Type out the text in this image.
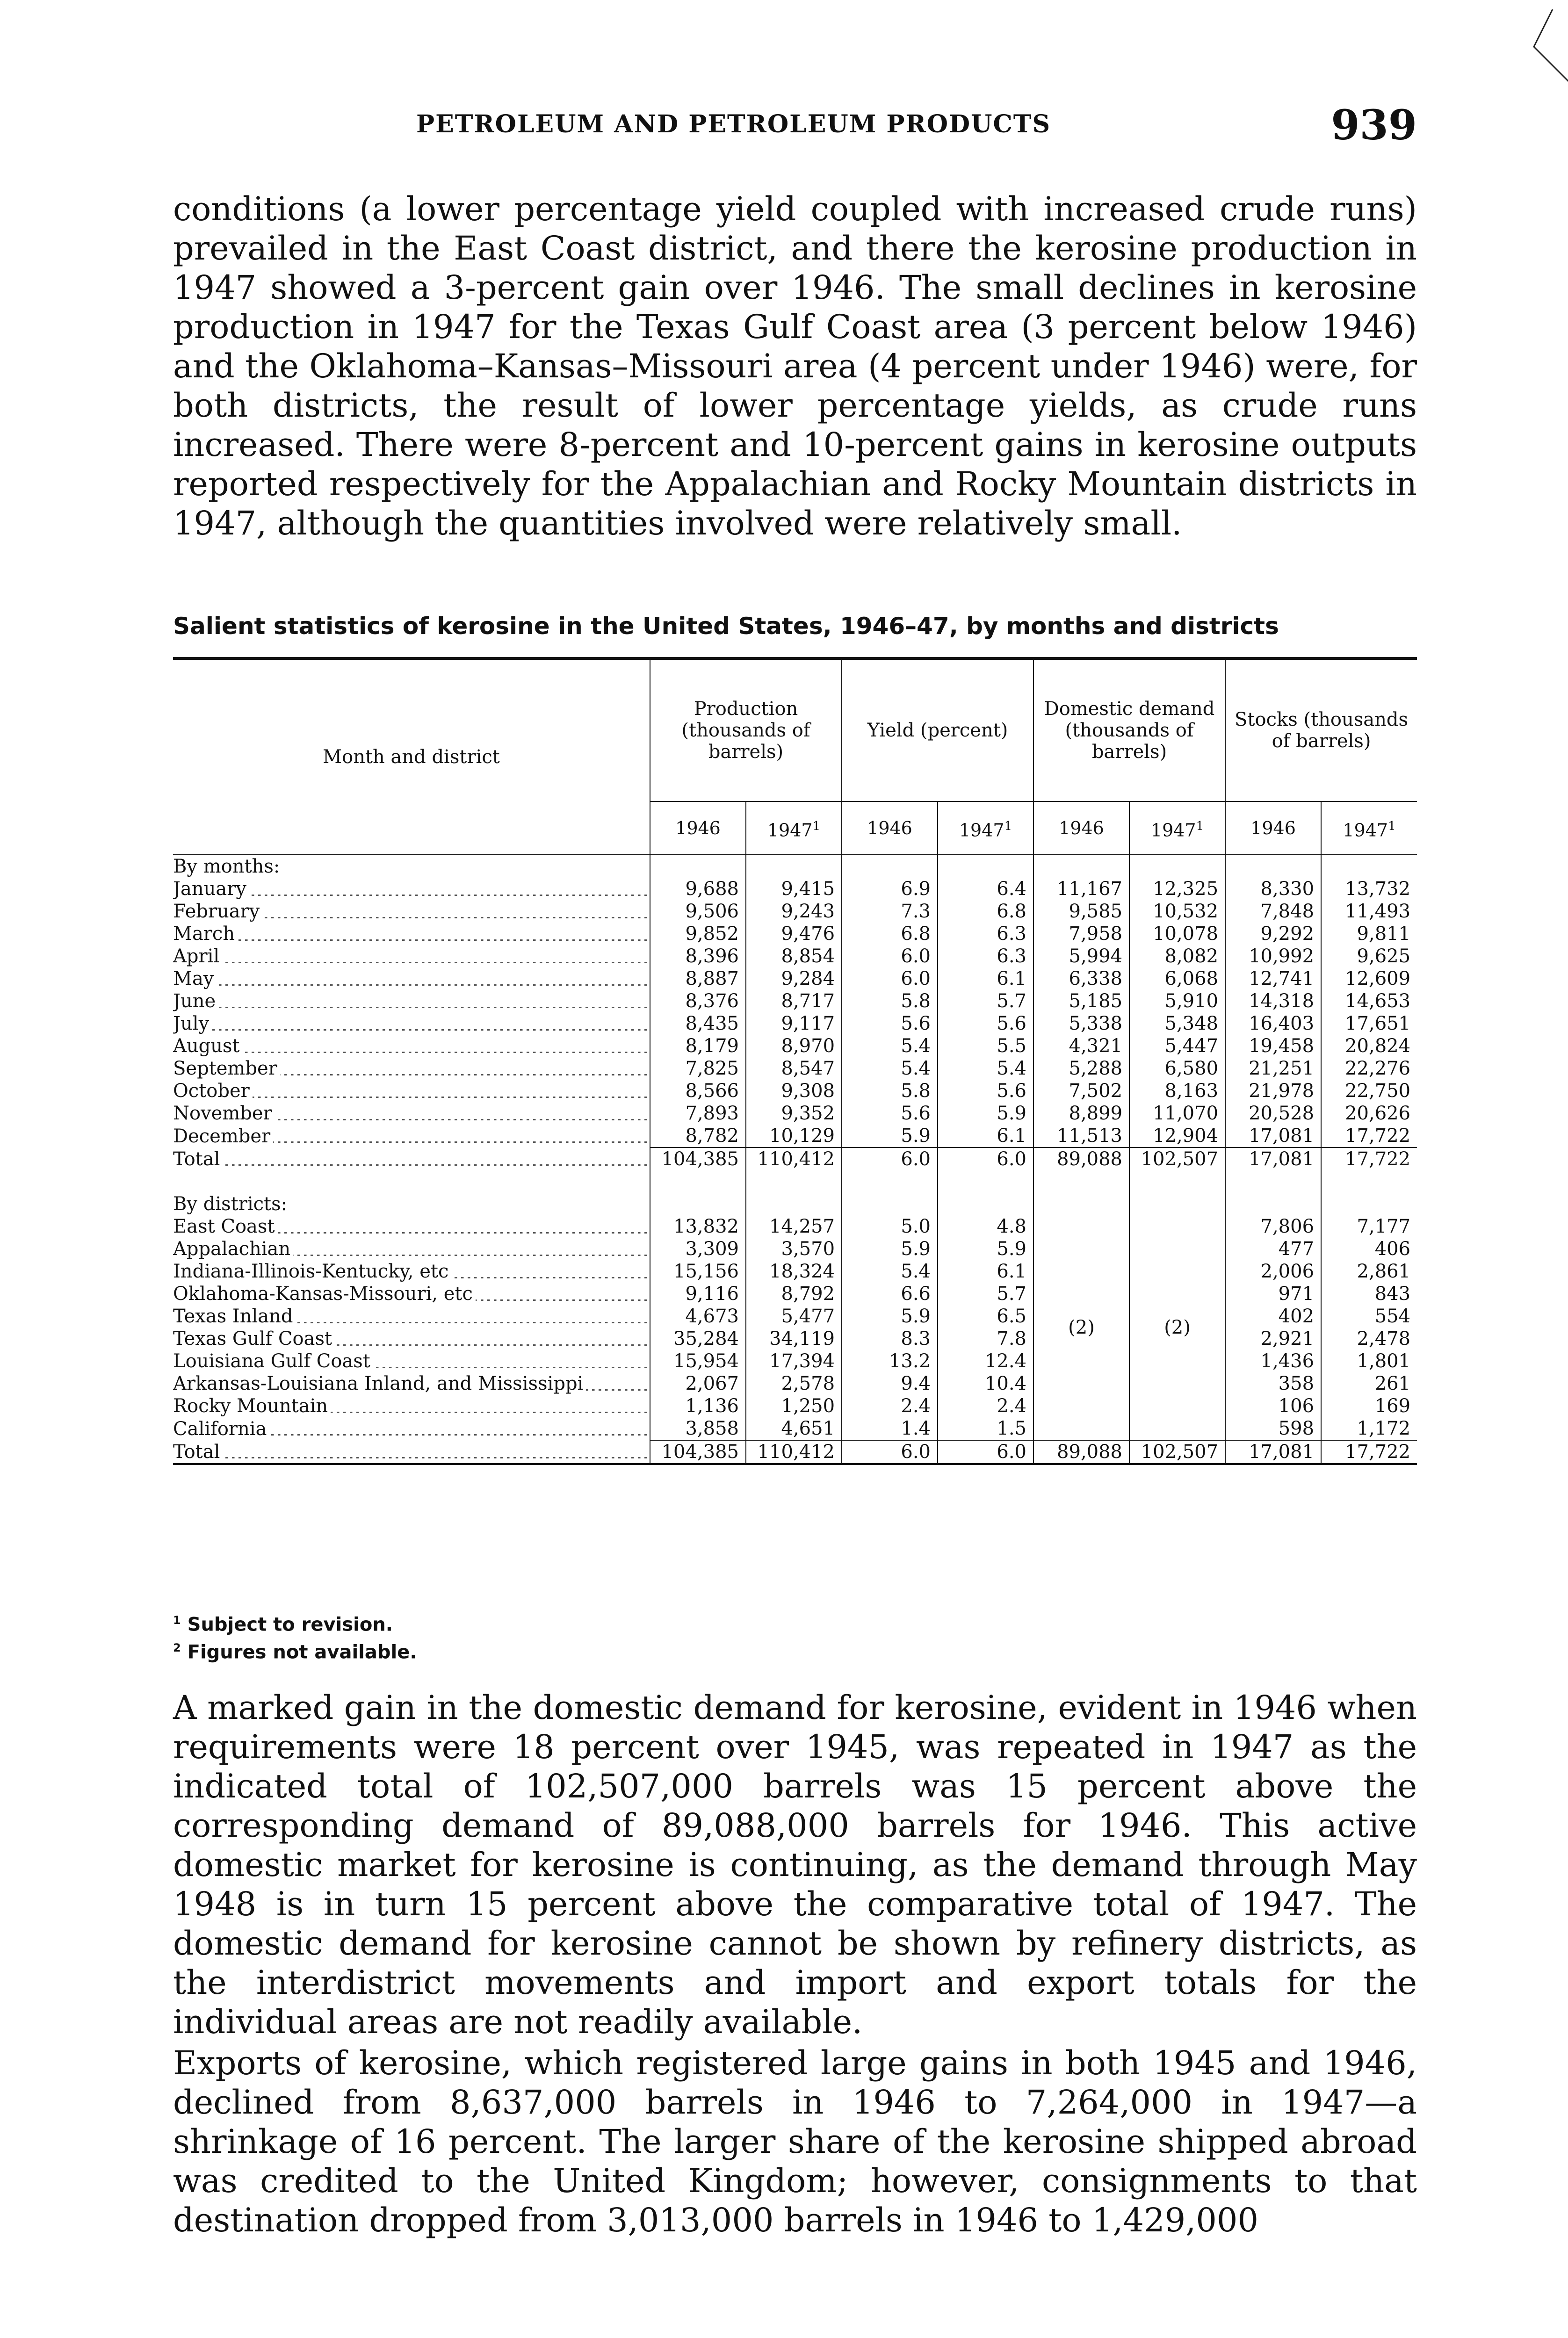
PETROLEUM AND PETROLEUM PRODUCTS	939

conditions (a lower percentage yield coupled with increased crude runs) prevailed in the East Coast district, and there the kerosine production in 1947 showed a 3-percent gain over 1946. The small declines in kerosine production in 1947 for the Texas Gulf Coast area (3 percent below 1946) and the Oklahoma–Kansas–Missouri area (4 percent under 1946) were, for both districts, the result of lower percentage yields, as crude runs increased. There were 8-percent and 10-percent gains in kerosine outputs reported respectively for the Appalachian and Rocky Mountain districts in 1947, although the quantities involved were relatively small.

Salient statistics of kerosine in the United States, 1946–47, by months and districts
Month and district	Production (thousands of barrels)		Yield (percent)		Domestic demand (thousands of barrels)		Stocks (thousands of barrels)	
	1946	1947$^1$	1946	1947$^1$	1946	1947$^1$	1946	1947$^1$
By months:								
January	9,688	9,415	6.9	6.4	11,167	12,325	8,330	13,732
February	9,506	9,243	7.3	6.8	9,585	10,532	7,848	11,493
March	9,852	9,476	6.8	6.3	7,958	10,078	9,292	9,811
April	8,396	8,854	6.0	6.3	5,994	8,082	10,992	9,625
May	8,887	9,284	6.0	6.1	6,338	6,068	12,741	12,609
June	8,376	8,717	5.8	5.7	5,185	5,910	14,318	14,653
July	8,435	9,117	5.6	5.6	5,338	5,348	16,403	17,651
August	8,179	8,970	5.4	5.5	4,321	5,447	19,458	20,824
September	7,825	8,547	5.4	5.4	5,288	6,580	21,251	22,276
October	8,566	9,308	5.8	5.6	7,502	8,163	21,978	22,750
November	7,893	9,352	5.6	5.9	8,899	11,070	20,528	20,626
December	8,782	10,129	5.9	6.1	11,513	12,904	17,081	17,722
Total	104,385	110,412	6.0	6.0	89,088	102,507	17,081	17,722

By districts:								
East Coast	13,832	14,257	5.0	4.8	(2)	(2)	7,806	7,177
Appalachian	3,309	3,570	5.9	5.9			477	406
Indiana-Illinois-Kentucky, etc	15,156	18,324	5.4	6.1			2,006	2,861
Oklahoma-Kansas-Missouri, etc	9,116	8,792	6.6	5.7			971	843
Texas Inland	4,673	5,477	5.9	6.5			402	554
Texas Gulf Coast	35,284	34,119	8.3	7.8			2,921	2,478
Louisiana Gulf Coast	15,954	17,394	13.2	12.4			1,436	1,801
Arkansas-Louisiana Inland, and Mississippi	2,067	2,578	9.4	10.4			358	261
Rocky Mountain	1,136	1,250	2.4	2.4			106	169
California	3,858	4,651	1.4	1.5			598	1,172
Total	104,385	110,412	6.0	6.0	89,088	102,507	17,081	17,722
$^1$ Subject to revision.
$^2$ Figures not available.

A marked gain in the domestic demand for kerosine, evident in 1946 when requirements were 18 percent over 1945, was repeated in 1947 as the indicated total of 102,507,000 barrels was 15 percent above the corresponding demand of 89,088,000 barrels for 1946. This active domestic market for kerosine is continuing, as the demand through May 1948 is in turn 15 percent above the comparative total of 1947. The domestic demand for kerosine cannot be shown by refinery districts, as the interdistrict movements and import and export totals for the individual areas are not readily available.

Exports of kerosine, which registered large gains in both 1945 and 1946, declined from 8,637,000 barrels in 1946 to 7,264,000 in 1947—a shrinkage of 16 percent. The larger share of the kerosine shipped abroad was credited to the United Kingdom; however, consignments to that destination dropped from 3,013,000 barrels in 1946 to 1,429,000
